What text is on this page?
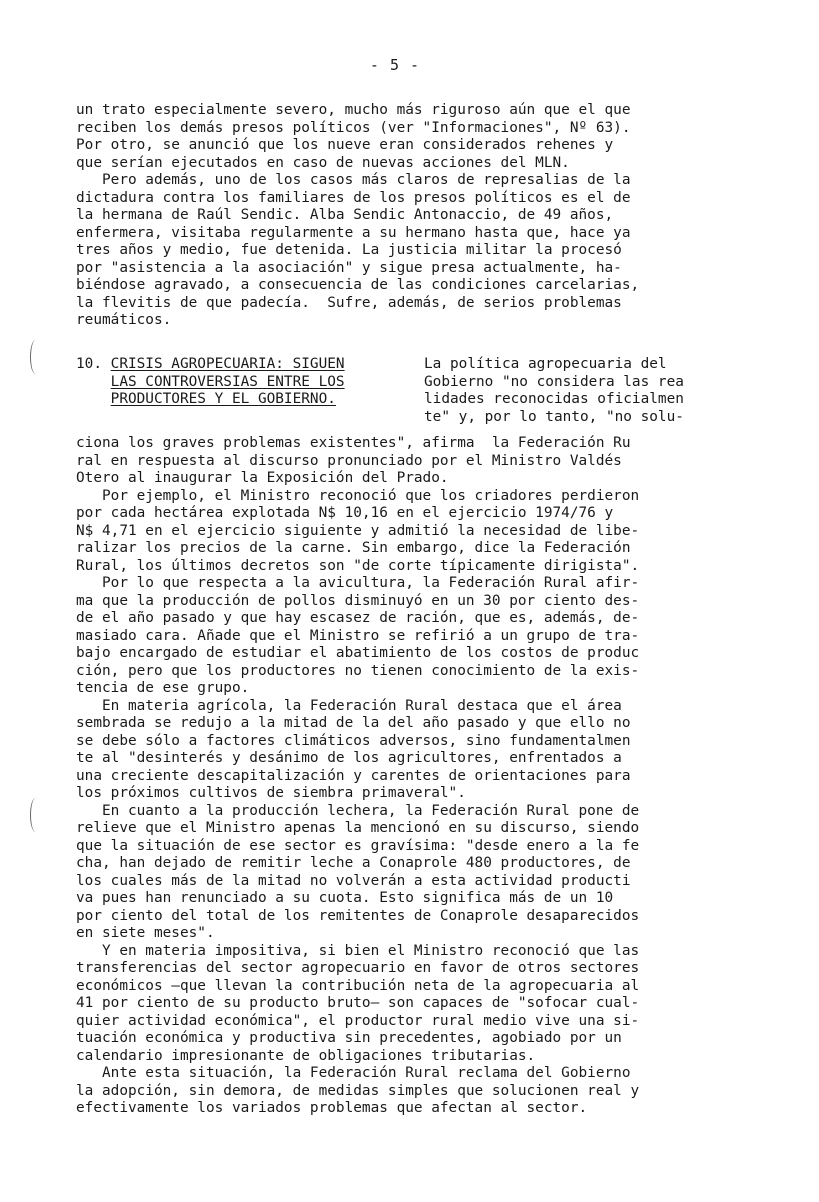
- 5 -
un trato especialmente severo, mucho más riguroso aún que el que
reciben los demás presos políticos (ver "Informaciones", Nº 63).
Por otro, se anunció que los nueve eran considerados rehenes y
que serían ejecutados en caso de nuevas acciones del MLN.
Pero además, uno de los casos más claros de represalias de la
dictadura contra los familiares de los presos políticos es el de
la hermana de Raúl Sendic. Alba Sendic Antonaccio, de 49 años,
enfermera, visitaba regularmente a su hermano hasta que, hace ya
tres años y medio, fue detenida. La justicia militar la procesó
por "asistencia a la asociación" y sigue presa actualmente, ha-
biéndose agravado, a consecuencia de las condiciones carcelarias,
la flevitis de que padecía.  Sufre, además, de serios problemas
reumáticos.
10. CRISIS AGROPECUARIA: SIGUEN
LAS CONTROVERSIAS ENTRE LOS
PRODUCTORES Y EL GOBIERNO.
La política agropecuaria del
Gobierno "no considera las rea
lidades reconocidas oficialmen
te" y, por lo tanto, "no solu-
ciona los graves problemas existentes", afirma  la Federación Ru
ral en respuesta al discurso pronunciado por el Ministro Valdés
Otero al inaugurar la Exposición del Prado.
Por ejemplo, el Ministro reconoció que los criadores perdieron
por cada hectárea explotada N$ 10,16 en el ejercicio 1974/76 y
N$ 4,71 en el ejercicio siguiente y admitió la necesidad de libe-
ralizar los precios de la carne. Sin embargo, dice la Federación
Rural, los últimos decretos son "de corte típicamente dirigista".
Por lo que respecta a la avicultura, la Federación Rural afir-
ma que la producción de pollos disminuyó en un 30 por ciento des-
de el año pasado y que hay escasez de ración, que es, además, de-
masiado cara. Añade que el Ministro se refirió a un grupo de tra-
bajo encargado de estudiar el abatimiento de los costos de produc
ción, pero que los productores no tienen conocimiento de la exis-
tencia de ese grupo.
En materia agrícola, la Federación Rural destaca que el área
sembrada se redujo a la mitad de la del año pasado y que ello no
se debe sólo a factores climáticos adversos, sino fundamentalmen
te al "desinterés y desánimo de los agricultores, enfrentados a
una creciente descapitalización y carentes de orientaciones para
los próximos cultivos de siembra primaveral".
En cuanto a la producción lechera, la Federación Rural pone de
relieve que el Ministro apenas la mencionó en su discurso, siendo
que la situación de ese sector es gravísima: "desde enero a la fe
cha, han dejado de remitir leche a Conaprole 480 productores, de
los cuales más de la mitad no volverán a esta actividad producti
va pues han renunciado a su cuota. Esto significa más de un 10
por ciento del total de los remitentes de Conaprole desaparecidos
en siete meses".
Y en materia impositiva, si bien el Ministro reconoció que las
transferencias del sector agropecuario en favor de otros sectores
económicos —que llevan la contribución neta de la agropecuaria al
41 por ciento de su producto bruto— son capaces de "sofocar cual-
quier actividad económica", el productor rural medio vive una si-
tuación económica y productiva sin precedentes, agobiado por un
calendario impresionante de obligaciones tributarias.
Ante esta situación, la Federación Rural reclama del Gobierno
la adopción, sin demora, de medidas simples que solucionen real y
efectivamente los variados problemas que afectan al sector.
